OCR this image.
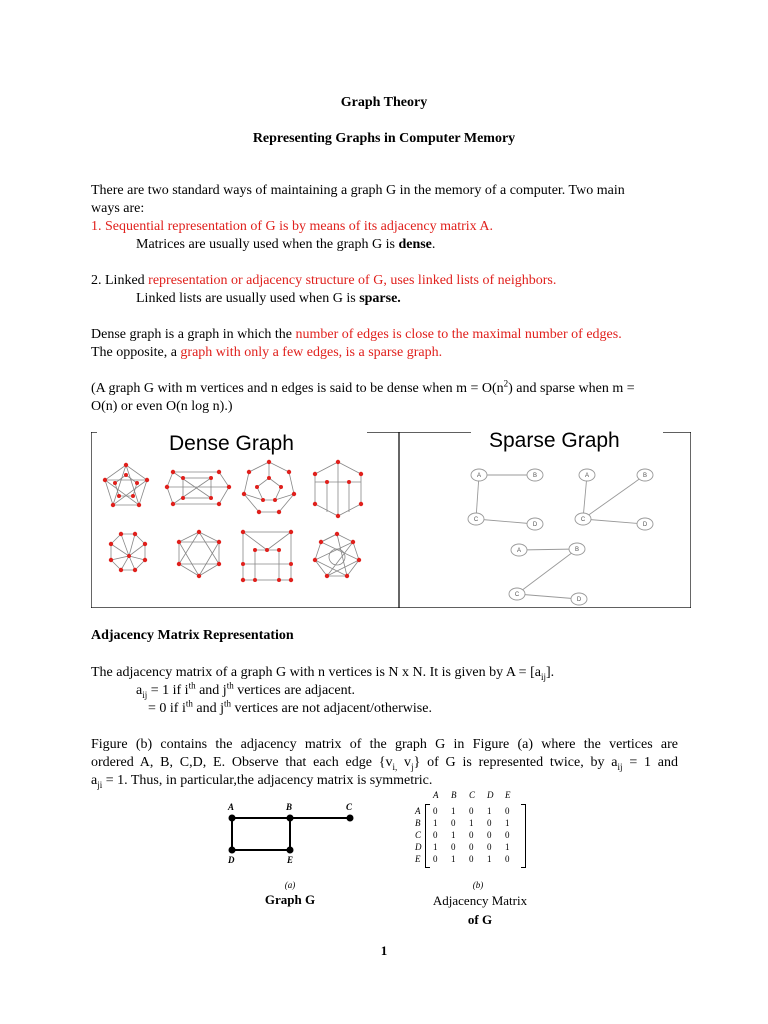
Graph Theory
Representing Graphs in Computer Memory
There are two standard ways of maintaining a graph G in the memory of a computer. Two main
ways are:
1. Sequential representation of G is by means of its adjacency matrix A.
Matrices are usually used when the graph G is dense.
2. Linked representation or adjacency structure of G, uses linked lists of neighbors.
Linked lists are usually used when G is sparse.
Dense graph is a graph in which the number of edges is close to the maximal number of edges.
The opposite, a graph with only a few edges, is a sparse graph.
(A graph G with m vertices and n edges is said to be dense when $m = O(n^2)$ and sparse when m =
O(n) or even O(n log n).)
Dense Graph	Sparse Graph
A	B
C
D
A	B
C
D
A	B
C
D
Adjacency Matrix Representation
The adjacency matrix of a graph G with n vertices is N x N. It is given by $A = [a_{ij}]$.
$a_{ij} = 1$ if $i^{th}$ and $j^{th}$ vertices are adjacent.
= 0 if $i^{th}$ and $j^{th}$ vertices are not adjacent/otherwise.
Figure (b) contains the adjacency matrix of the graph G in Figure (a) where the vertices are
ordered A, B, C,D, E. Observe that each edge {$v_{i,}$ $v_j$} of G is represented twice, by $a_{ij} = 1$ and
$a_{ji} = 1$. Thus, in particular,the adjacency matrix is symmetric.
A	B	C
D	E
(a)
Graph G
A B C D E
A 0 1 0 1 0
B 1 0 1 0 1
C 0 1 0 0 0
D 1 0 0 0 1
E 0 1 0 1 0
(b)
Adjacency Matrix
of G
1
